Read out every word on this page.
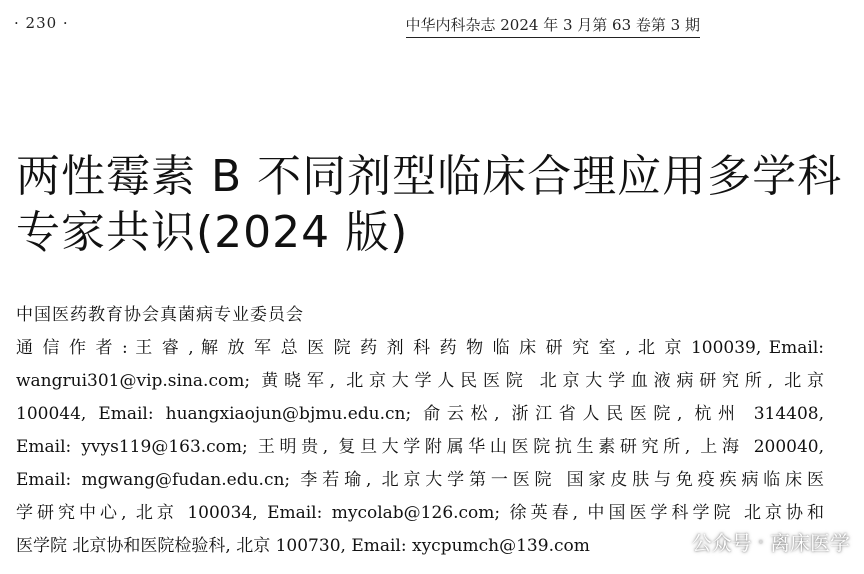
· 230 ·	中华内科杂志 2024 年 3 月第 63 卷第 3 期
两性霉素 B 不同剂型临床合理应用多学科
专家共识(2024 版)
中国医药教育协会真菌病专业委员会
通 信 作 者 : 王 睿 , 解 放 军 总 医 院 药 剂 科 药 物 临 床 研 究 室 , 北 京 100039, Email:
wangrui301@vip.sina.com; 黄晓军, 北京大学人民医院 北京大学血液病研究所, 北京
100044, Email: huangxiaojun@bjmu.edu.cn; 俞云松, 浙江省人民医院, 杭州 314408,
Email: yvys119@163.com; 王明贵, 复旦大学附属华山医院抗生素研究所, 上海 200040,
Email: mgwang@fudan.edu.cn; 李若瑜, 北京大学第一医院 国家皮肤与免疫疾病临床医
学研究中心, 北京 100034, Email: mycolab@126.com; 徐英春, 中国医学科学院 北京协和
医学院 北京协和医院检验科, 北京 100730, Email: xycpumch@139.com	公众号 · 离床医学
